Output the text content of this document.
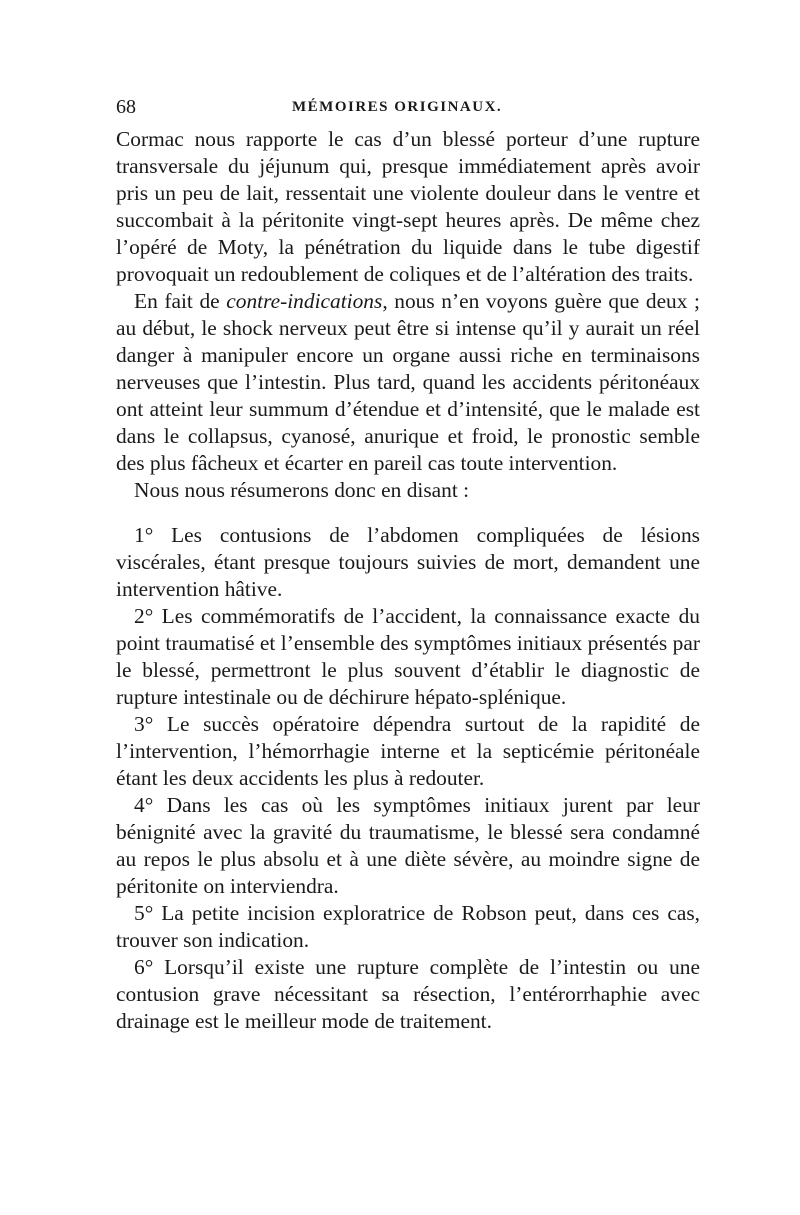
68	MÉMOIRES ORIGINAUX.

Cormac nous rapporte le cas d’un blessé porteur d’une rupture transversale du jéjunum qui, presque immédiatement après avoir pris un peu de lait, ressentait une violente douleur dans le ventre et succombait à la péritonite vingt-sept heures après. De même chez l’opéré de Moty, la pénétration du liquide dans le tube digestif provoquait un redoublement de coliques et de l’altération des traits.

En fait de contre-indications, nous n’en voyons guère que deux ; au début, le shock nerveux peut être si intense qu’il y aurait un réel danger à manipuler encore un organe aussi riche en terminaisons nerveuses que l’intestin. Plus tard, quand les accidents péritonéaux ont atteint leur summum d’étendue et d’intensité, que le malade est dans le collapsus, cyanosé, anurique et froid, le pronostic semble des plus fâcheux et écarter en pareil cas toute intervention.

Nous nous résumerons donc en disant :

1° Les contusions de l’abdomen compliquées de lésions viscérales, étant presque toujours suivies de mort, demandent une intervention hâtive.

2° Les commémoratifs de l’accident, la connaissance exacte du point traumatisé et l’ensemble des symptômes initiaux présentés par le blessé, permettront le plus souvent d’établir le diagnostic de rupture intestinale ou de déchirure hépato-splénique.

3° Le succès opératoire dépendra surtout de la rapidité de l’intervention, l’hémorrhagie interne et la septicémie péritonéale étant les deux accidents les plus à redouter.

4° Dans les cas où les symptômes initiaux jurent par leur bénignité avec la gravité du traumatisme, le blessé sera condamné au repos le plus absolu et à une diète sévère, au moindre signe de péritonite on interviendra.

5° La petite incision exploratrice de Robson peut, dans ces cas, trouver son indication.

6° Lorsqu’il existe une rupture complète de l’intestin ou une contusion grave nécessitant sa résection, l’entérorrhaphie avec drainage est le meilleur mode de traitement.
